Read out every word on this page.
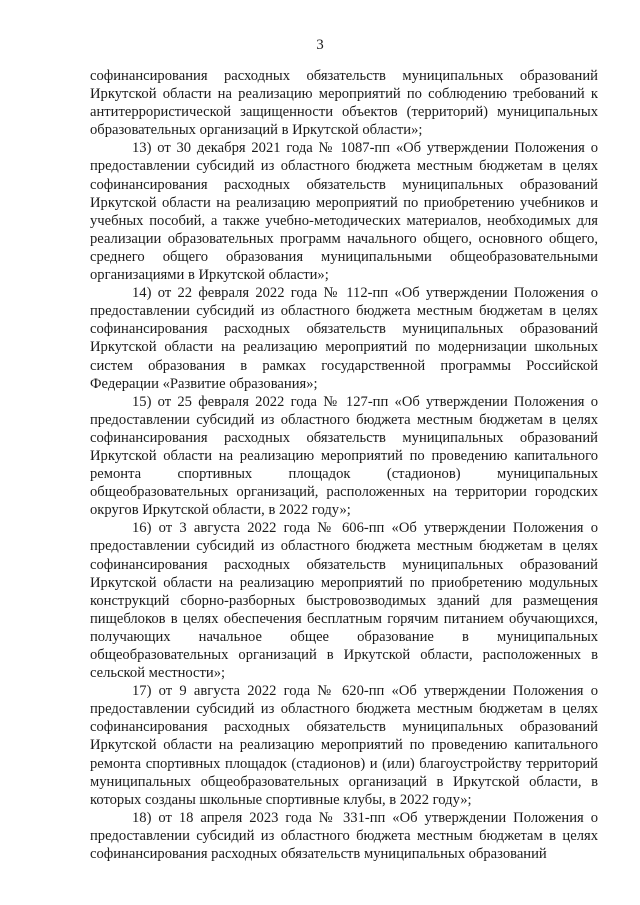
3

софинансирования расходных обязательств муниципальных образований Иркутской области на реализацию мероприятий по соблюдению требований к антитеррористической защищенности объектов (территорий) муниципальных образовательных организаций в Иркутской области»;

13) от 30 декабря 2021 года № 1087-пп «Об утверждении Положения о предоставлении субсидий из областного бюджета местным бюджетам в целях софинансирования расходных обязательств муниципальных образований Иркутской области на реализацию мероприятий по приобретению учебников и учебных пособий, а также учебно-методических материалов, необходимых для реализации образовательных программ начального общего, основного общего, среднего общего образования муниципальными общеобразовательными организациями в Иркутской области»;

14) от 22 февраля 2022 года № 112-пп «Об утверждении Положения о предоставлении субсидий из областного бюджета местным бюджетам в целях софинансирования расходных обязательств муниципальных образований Иркутской области на реализацию мероприятий по модернизации школьных систем образования в рамках государственной программы Российской Федерации «Развитие образования»;

15) от 25 февраля 2022 года № 127-пп «Об утверждении Положения о предоставлении субсидий из областного бюджета местным бюджетам в целях софинансирования расходных обязательств муниципальных образований Иркутской области на реализацию мероприятий по проведению капитального ремонта спортивных площадок (стадионов) муниципальных общеобразовательных организаций, расположенных на территории городских округов Иркутской области, в 2022 году»;

16) от 3 августа 2022 года № 606-пп «Об утверждении Положения о предоставлении субсидий из областного бюджета местным бюджетам в целях софинансирования расходных обязательств муниципальных образований Иркутской области на реализацию мероприятий по приобретению модульных конструкций сборно-разборных быстровозводимых зданий для размещения пищеблоков в целях обеспечения бесплатным горячим питанием обучающихся, получающих начальное общее образование в муниципальных общеобразовательных организаций в Иркутской области, расположенных в сельской местности»;

17) от 9 августа 2022 года № 620-пп «Об утверждении Положения о предоставлении субсидий из областного бюджета местным бюджетам в целях софинансирования расходных обязательств муниципальных образований Иркутской области на реализацию мероприятий по проведению капитального ремонта спортивных площадок (стадионов) и (или) благоустройству территорий муниципальных общеобразовательных организаций в Иркутской области, в которых созданы школьные спортивные клубы, в 2022 году»;

18) от 18 апреля 2023 года № 331-пп «Об утверждении Положения о предоставлении субсидий из областного бюджета местным бюджетам в целях софинансирования расходных обязательств муниципальных образований
